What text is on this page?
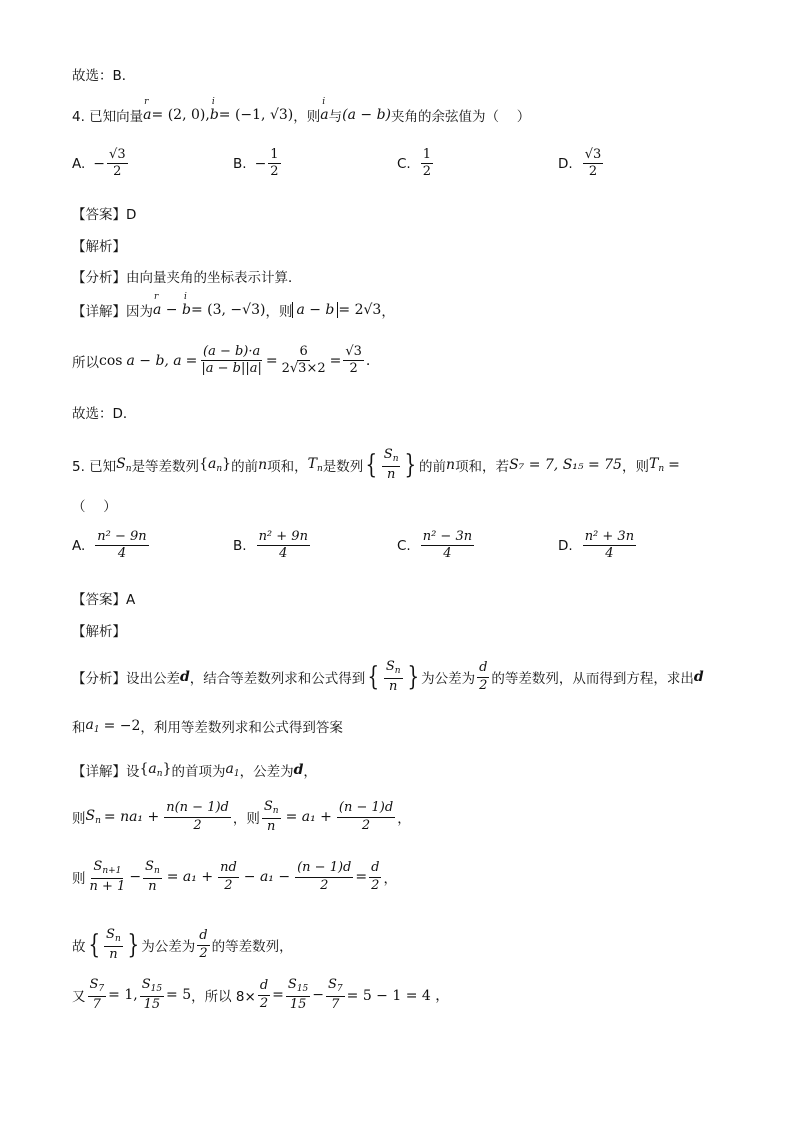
故选：B．
4. 已知向量 r a = (2, 0), i b = (−1, √3) ，则 i a 与 (a − b) 夹角的余弦值为（　 ）
A. − $\frac{√3}{2}$	B. − $\frac{1}{2}$	C. $\frac{1}{2}$	D. $\frac{√3}{2}$
【答案】D
【解析】
【分析】由向量夹角的坐标表示计算．
【详解】因为 r a − i b = (3, −√3) ，则 a − b = 2√3 ，
所以 cos a − b, $a = \frac{(a - b)\cdot a}{|a - b||a|} = \frac{6}{2√3\times 2} = \frac{√3}{2}$ .
故选：D．
5. 已知 $S_n$ 是等差数列 $\{a_n\}$ 的前 n 项和， $T_n$ 是数列 { $\frac{S_n}{n}$ } 的前 n 项和，若 S₇ = 7, S₁₅ = 75 ，则 $T_n$ =
（　 ）
A. $\frac{\text{n² − 9n}}{4}$	B. $\frac{\text{n² + 9n}}{4}$	C. $\frac{\text{n² − 3n}}{4}$	D. $\frac{\text{n² + 3n}}{4}$
【答案】A
【解析】
【分析】设出公差 d ，结合等差数列求和公式得到 { $\frac{S_n}{n}$ } 为公差为 $\frac{d}{2}$ 的等差数列，从而得到方程，求出 d
和 $a_1 = -2$ ，利用等差数列求和公式得到答案
【详解】设 $\{a_n\}$ 的首项为 $a_1$ ，公差为 d ，
则 $S_n = na_1 + \frac{n(n - 1)d}{2}$ ，则 $\frac{S_n}{n} = a_1 + \frac{(n - 1)d}{2}$ ，
则 $\frac{S_{n+1}}{n + 1} - \frac{S_n}{n} = a_1 + \frac{nd}{2} - a_1 - \frac{(n - 1)d}{2} = \frac{d}{2}$ ，
故 { $\frac{S_n}{n}$ } 为公差为 $\frac{d}{2}$ 的等差数列，
又 $\frac{S_7}{7} = 1$, $\frac{S_{15}}{15} = 5$ ，所以 $8\times \frac{d}{2} = \frac{S_{15}}{15} - \frac{S_7}{7} = 5 - 1 = 4$ ，
